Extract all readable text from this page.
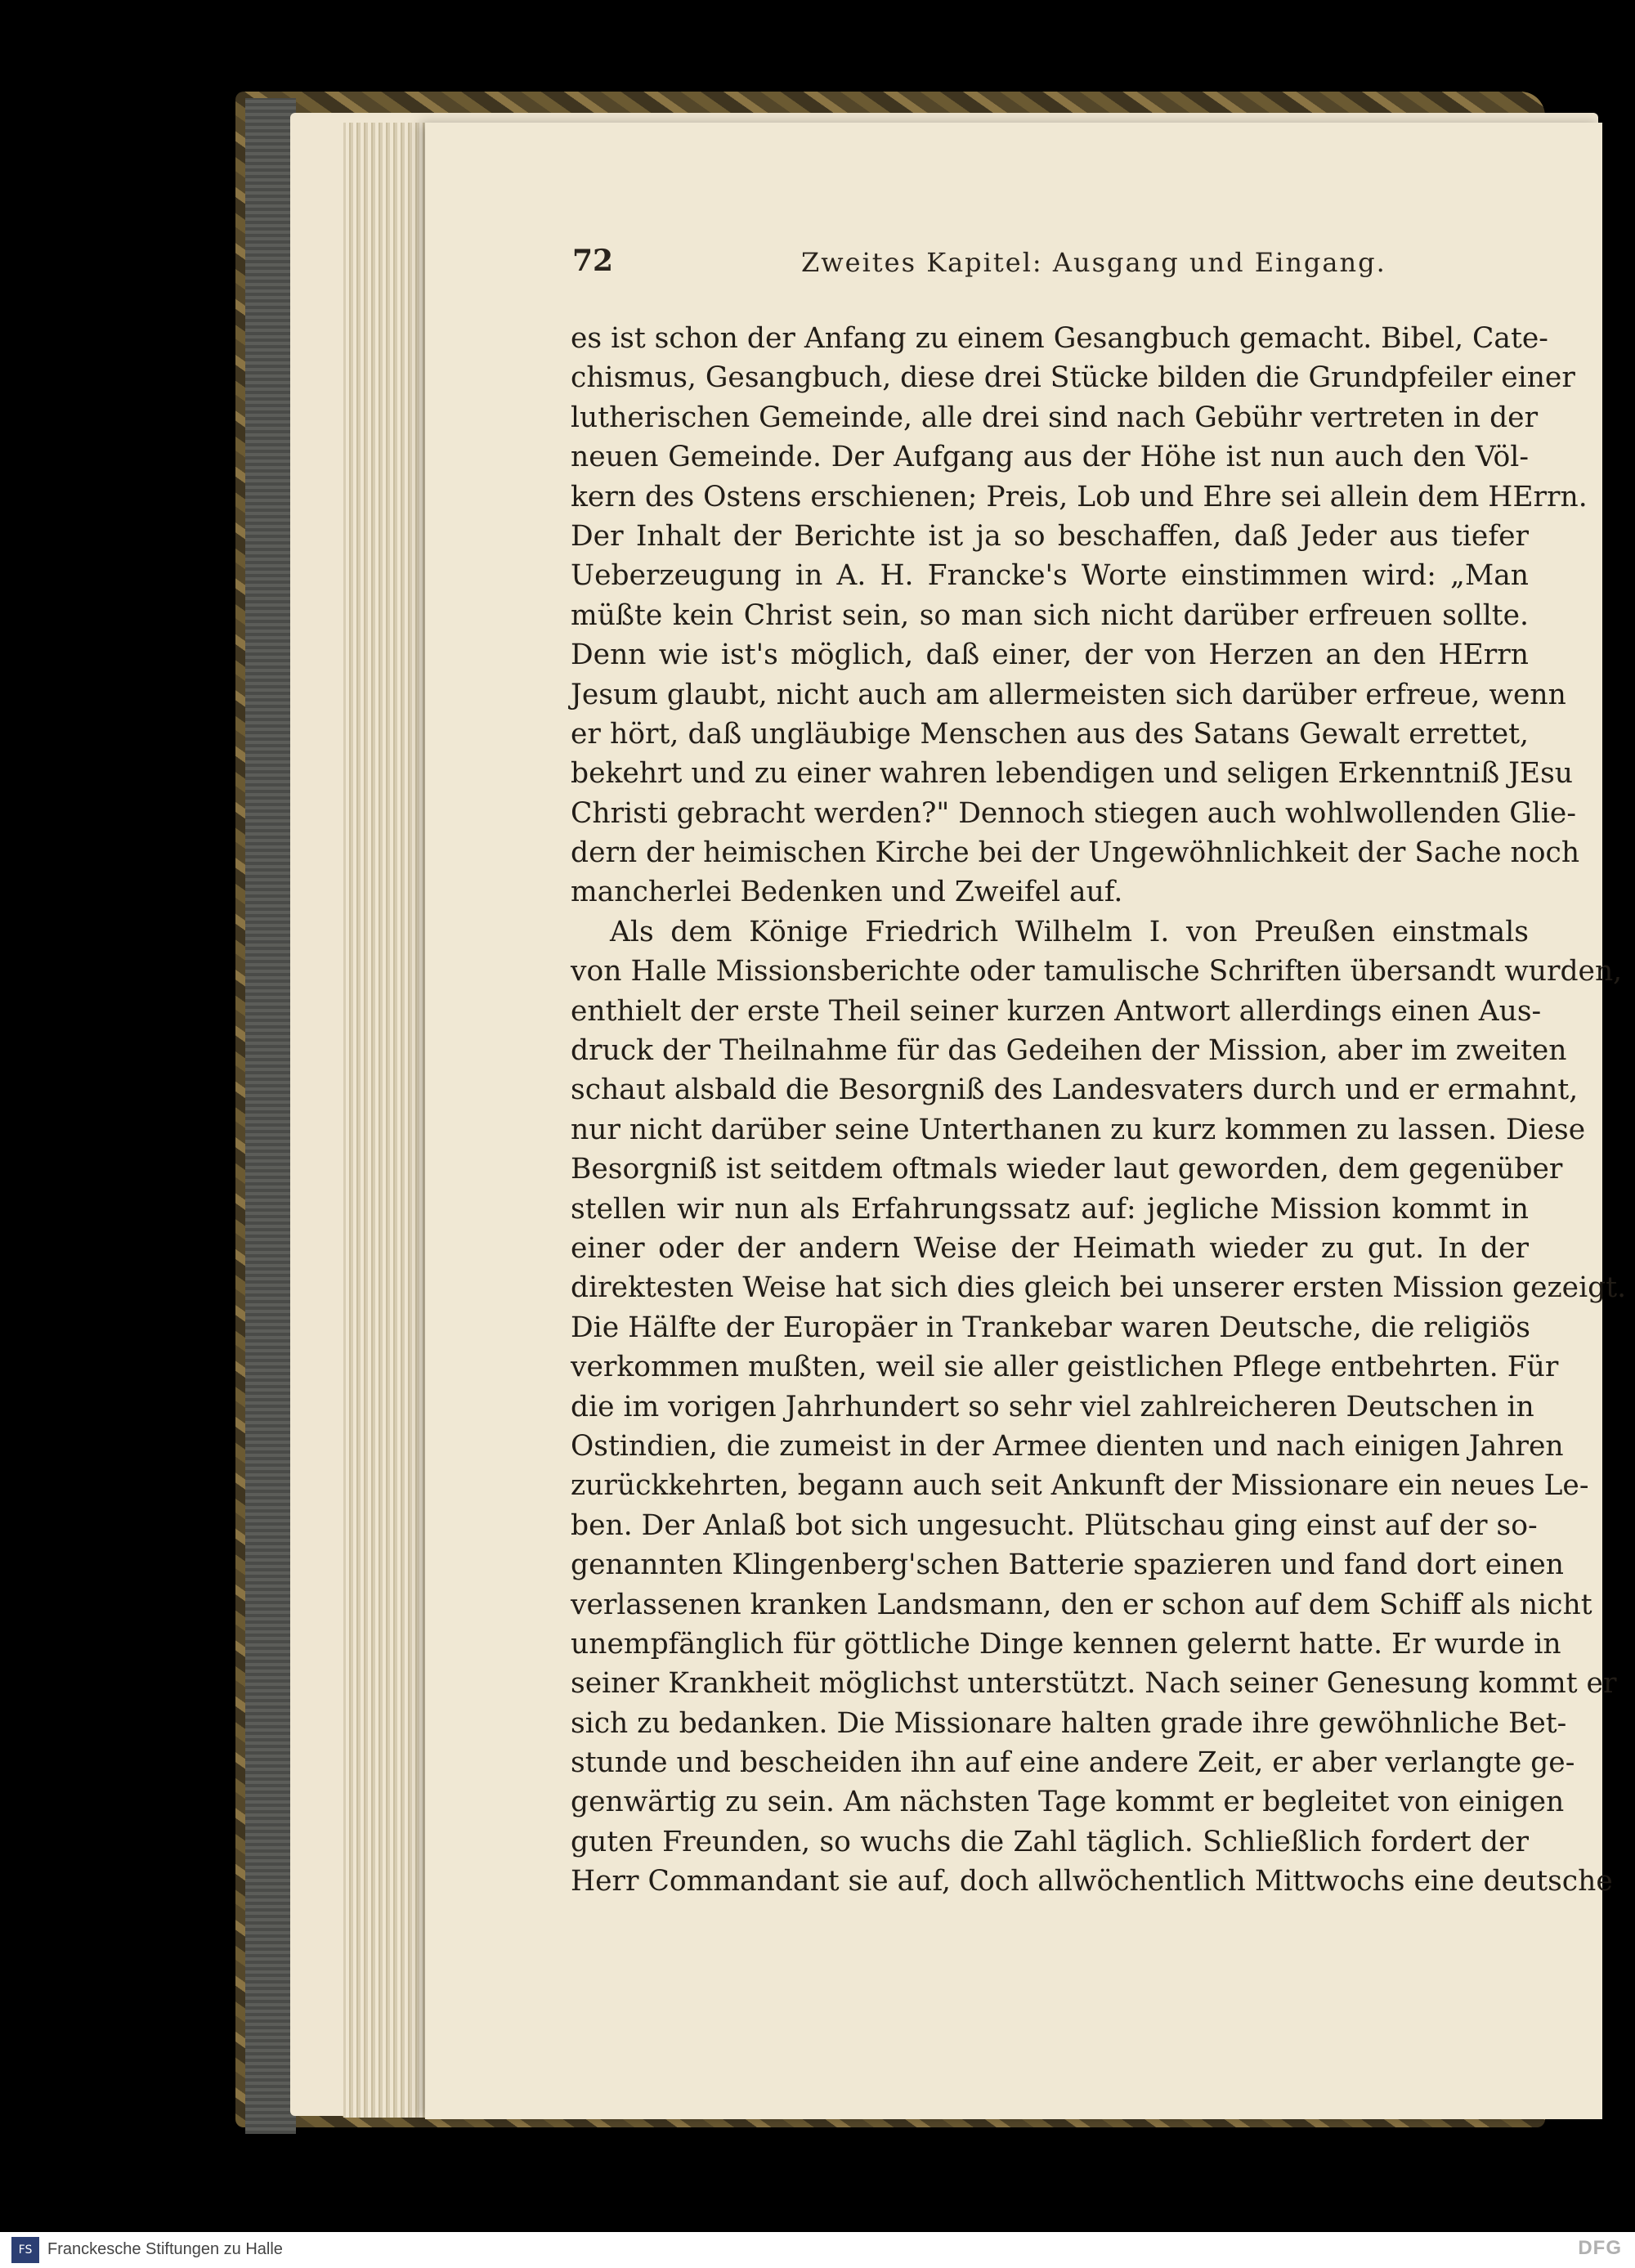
72	Zweites Kapitel: Ausgang und Eingang.
es ist schon der Anfang zu einem Gesangbuch gemacht. Bibel, Cate-
chismus, Gesangbuch, diese drei Stücke bilden die Grundpfeiler einer
lutherischen Gemeinde, alle drei sind nach Gebühr vertreten in der
neuen Gemeinde. Der Aufgang aus der Höhe ist nun auch den Völ-
kern des Ostens erschienen; Preis, Lob und Ehre sei allein dem HErrn.
Der Inhalt der Berichte ist ja so beschaffen, daß Jeder aus tiefer
Ueberzeugung in A. H. Francke's Worte einstimmen wird: „Man
müßte kein Christ sein, so man sich nicht darüber erfreuen sollte.
Denn wie ist's möglich, daß einer, der von Herzen an den HErrn
Jesum glaubt, nicht auch am allermeisten sich darüber erfreue, wenn
er hört, daß ungläubige Menschen aus des Satans Gewalt errettet,
bekehrt und zu einer wahren lebendigen und seligen Erkenntniß JEsu
Christi gebracht werden?" Dennoch stiegen auch wohlwollenden Glie-
dern der heimischen Kirche bei der Ungewöhnlichkeit der Sache noch
mancherlei Bedenken und Zweifel auf.
Als dem Könige Friedrich Wilhelm I. von Preußen einstmals
von Halle Missionsberichte oder tamulische Schriften übersandt wurden,
enthielt der erste Theil seiner kurzen Antwort allerdings einen Aus-
druck der Theilnahme für das Gedeihen der Mission, aber im zweiten
schaut alsbald die Besorgniß des Landesvaters durch und er ermahnt,
nur nicht darüber seine Unterthanen zu kurz kommen zu lassen. Diese
Besorgniß ist seitdem oftmals wieder laut geworden, dem gegenüber
stellen wir nun als Erfahrungssatz auf: jegliche Mission kommt in
einer oder der andern Weise der Heimath wieder zu gut. In der
direktesten Weise hat sich dies gleich bei unserer ersten Mission gezeigt.
Die Hälfte der Europäer in Trankebar waren Deutsche, die religiös
verkommen mußten, weil sie aller geistlichen Pflege entbehrten. Für
die im vorigen Jahrhundert so sehr viel zahlreicheren Deutschen in
Ostindien, die zumeist in der Armee dienten und nach einigen Jahren
zurückkehrten, begann auch seit Ankunft der Missionare ein neues Le-
ben. Der Anlaß bot sich ungesucht. Plütschau ging einst auf der so-
genannten Klingenberg'schen Batterie spazieren und fand dort einen
verlassenen kranken Landsmann, den er schon auf dem Schiff als nicht
unempfänglich für göttliche Dinge kennen gelernt hatte. Er wurde in
seiner Krankheit möglichst unterstützt. Nach seiner Genesung kommt er
sich zu bedanken. Die Missionare halten grade ihre gewöhnliche Bet-
stunde und bescheiden ihn auf eine andere Zeit, er aber verlangte ge-
genwärtig zu sein. Am nächsten Tage kommt er begleitet von einigen
guten Freunden, so wuchs die Zahl täglich. Schließlich fordert der
Herr Commandant sie auf, doch allwöchentlich Mittwochs eine deutsche
FS Franckesche Stiftungen zu Halle	DFG
